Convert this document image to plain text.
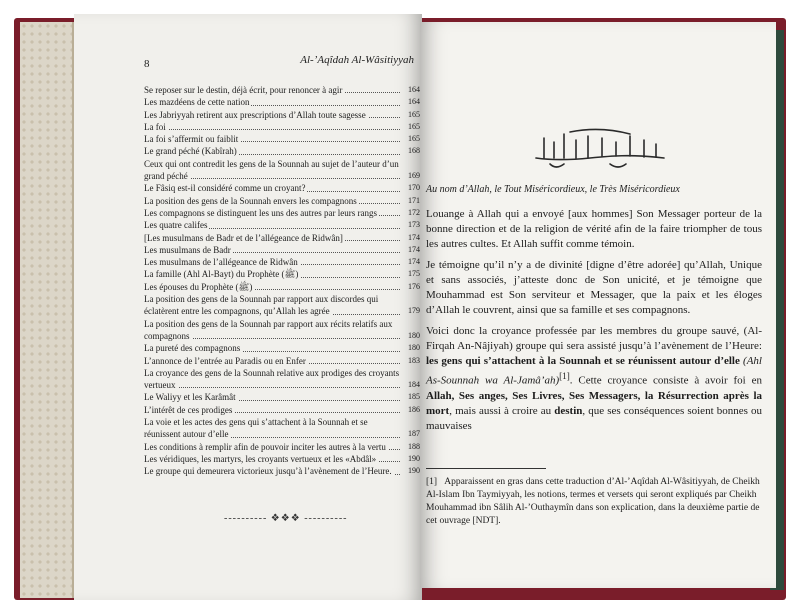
8	Al-’Aqîdah Al-Wâsitiyyah
Se reposer sur le destin, déjà écrit, pour renoncer à agir	164
Les mazdéens de cette nation	164
Les Jabriyyah retirent aux prescriptions d’Allah toute sagesse	165
La foi	165
La foi s’affermit ou faiblit	165
Le grand péché (Kabîrah)	168
Ceux qui ont contredit les gens de la Sounnah au sujet de l’auteur d’un grand péché	169
Le Fâsiq est-il considéré comme un croyant?	170
La position des gens de la Sounnah envers les compagnons	171
Les compagnons se distinguent les uns des autres par leurs rangs	172
Les quatre califes	173
[Les musulmans de Badr et de l’allégeance de Ridwân]	174
Les musulmans de Badr	174
Les musulmans de l’allégeance de Ridwân	174
La famille (Ahl Al-Bayt) du Prophète (ﷺ)	175
Les épouses du Prophète (ﷺ)	176
La position des gens de la Sounnah par rapport aux discordes qui éclatèrent entre les compagnons, qu’Allah les agrée	179
La position des gens de la Sounnah par rapport aux récits relatifs aux compagnons	180
La pureté des compagnons	180
L’annonce de l’entrée au Paradis ou en Enfer	183
La croyance des gens de la Sounnah relative aux prodiges des croyants vertueux	184
Le Waliyy et les Karâmât	185
L’intérêt de ces prodiges	186
La voie et les actes des gens qui s’attachent à la Sounnah et se réunissent autour d’elle	187
Les conditions à remplir afin de pouvoir inciter les autres à la vertu	188
Les véridiques, les martyrs, les croyants vertueux et les «Abdâl»	190
Le groupe qui demeurera victorieux jusqu’à l’avènement de l’Heure. 190
---------- ❖❖❖ ----------

Au nom d’Allah, le Tout Miséricordieux, le Très Miséricordieux

Louange à Allah qui a envoyé [aux hommes] Son Messager porteur de la bonne direction et de la religion de vérité afin de la faire triompher de tous les autres cultes. Et Allah suffit comme témoin.

Je témoigne qu’il n’y a de divinité [digne d’être adorée] qu’Allah, Unique et sans associés, j’atteste donc de Son unicité, et je témoigne que Mouhammad est Son serviteur et Messager, que la paix et les éloges d’Allah le couvrent, ainsi que sa famille et ses compagnons.

Voici donc la croyance professée par les membres du groupe sauvé, (Al-Firqah An-Nâjiyah) groupe qui sera assisté jusqu’à l’avènement de l’Heure: les gens qui s’attachent à la Sounnah et se réunissent autour d’elle (Ahl As-Sounnah wa Al-Jamâ’ah)[1]. Cette croyance consiste à avoir foi en Allah, Ses anges, Ses Livres, Ses Messagers, la Résurrection après la mort, mais aussi à croire au destin, que ses conséquences soient bonnes ou mauvaises

[1] Apparaissent en gras dans cette traduction d’Al-’Aqîdah Al-Wâsitiyyah, de Cheikh Al-Islam Ibn Taymiyyah, les notions, termes et versets qui seront expliqués par Cheikh Mouhammad ibn Sâlih Al-’Outhaymîn dans son explication, dans la deuxième partie de cet ouvrage [NDT].
